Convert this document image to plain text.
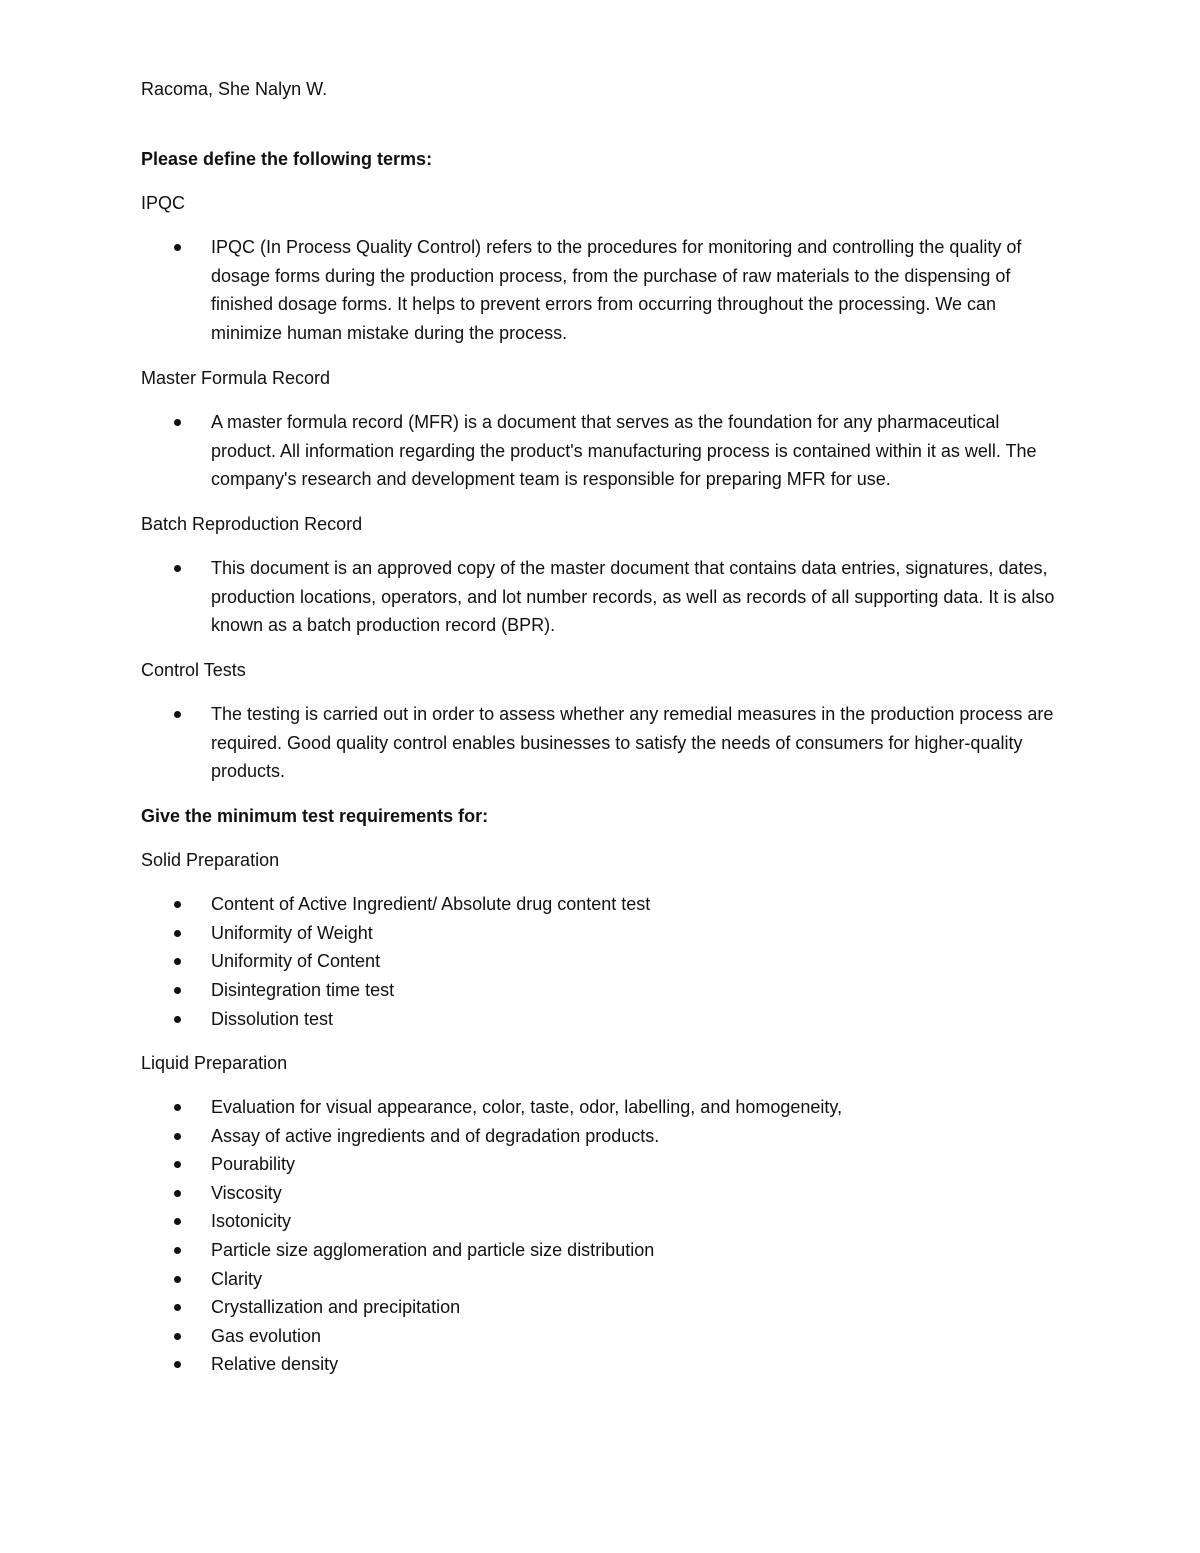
Racoma, She Nalyn W.

Please define the following terms:

IPQC

IPQC (In Process Quality Control) refers to the procedures for monitoring and controlling the quality of dosage forms during the production process, from the purchase of raw materials to the dispensing of finished dosage forms. It helps to prevent errors from occurring throughout the processing. We can minimize human mistake during the process.

Master Formula Record

A master formula record (MFR) is a document that serves as the foundation for any pharmaceutical product. All information regarding the product's manufacturing process is contained within it as well. The company's research and development team is responsible for preparing MFR for use.

Batch Reproduction Record

This document is an approved copy of the master document that contains data entries, signatures, dates, production locations, operators, and lot number records, as well as records of all supporting data. It is also known as a batch production record (BPR).

Control Tests

The testing is carried out in order to assess whether any remedial measures in the production process are required. Good quality control enables businesses to satisfy the needs of consumers for higher-quality products.

Give the minimum test requirements for:

Solid Preparation

Content of Active Ingredient/ Absolute drug content test
Uniformity of Weight
Uniformity of Content
Disintegration time test
Dissolution test

Liquid Preparation

Evaluation for visual appearance, color, taste, odor, labelling, and homogeneity,
Assay of active ingredients and of degradation products.
Pourability
Viscosity
Isotonicity
Particle size agglomeration and particle size distribution
Clarity
Crystallization and precipitation
Gas evolution
Relative density
